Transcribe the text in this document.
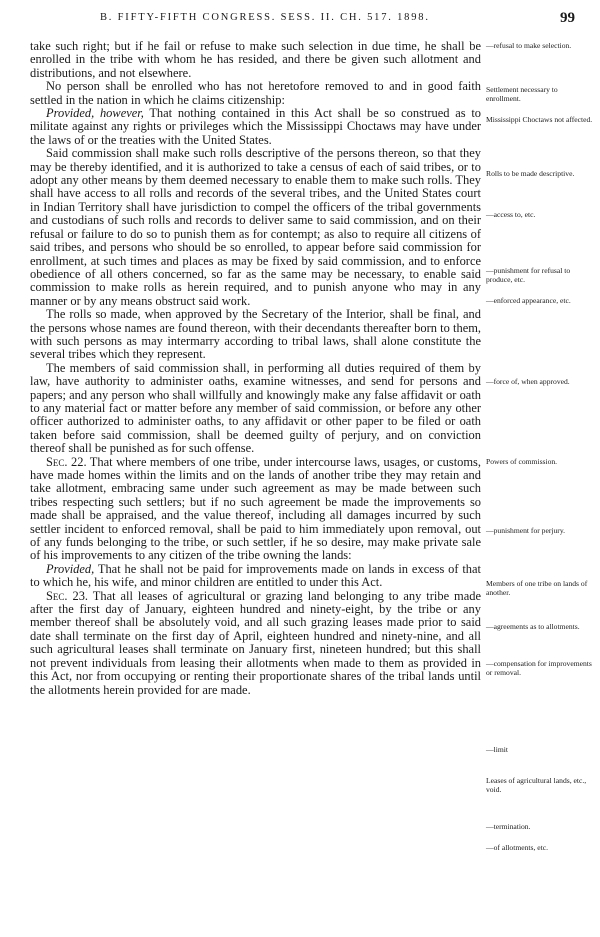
B. FIFTY-FIFTH CONGRESS. SESS. II. CH. 517. 1898.	99

take such right; but if he fail or refuse to make such selection in due time, he shall be enrolled in the tribe with whom he has resided, and there be given such allotment and distributions, and not elsewhere.

No person shall be enrolled who has not heretofore removed to and in good faith settled in the nation in which he claims citizenship:

Provided, however, That nothing contained in this Act shall be so construed as to militate against any rights or privileges which the Mississippi Choctaws may have under the laws of or the treaties with the United States.

Said commission shall make such rolls descriptive of the persons thereon, so that they may be thereby identified, and it is authorized to take a census of each of said tribes, or to adopt any other means by them deemed necessary to enable them to make such rolls. They shall have access to all rolls and records of the several tribes, and the United States court in Indian Territory shall have jurisdiction to compel the officers of the tribal governments and custodians of such rolls and records to deliver same to said commission, and on their refusal or failure to do so to punish them as for contempt; as also to require all citizens of said tribes, and persons who should be so enrolled, to appear before said commission for enrollment, at such times and places as may be fixed by said commission, and to enforce obedience of all others concerned, so far as the same may be necessary, to enable said commission to make rolls as herein required, and to punish anyone who may in any manner or by any means obstruct said work.

The rolls so made, when approved by the Secretary of the Interior, shall be final, and the persons whose names are found thereon, with their decendants thereafter born to them, with such persons as may intermarry according to tribal laws, shall alone constitute the several tribes which they represent.

The members of said commission shall, in performing all duties required of them by law, have authority to administer oaths, examine witnesses, and send for persons and papers; and any person who shall willfully and knowingly make any false affidavit or oath to any material fact or matter before any member of said commission, or before any other officer authorized to administer oaths, to any affidavit or other paper to be filed or oath taken before said commission, shall be deemed guilty of perjury, and on conviction thereof shall be punished as for such offense.

Sec. 22. That where members of one tribe, under intercourse laws, usages, or customs, have made homes within the limits and on the lands of another tribe they may retain and take allotment, embracing same under such agreement as may be made between such tribes respecting such settlers; but if no such agreement be made the improvements so made shall be appraised, and the value thereof, including all damages incurred by such settler incident to enforced removal, shall be paid to him immediately upon removal, out of any funds belonging to the tribe, or such settler, if he so desire, may make private sale of his improvements to any citizen of the tribe owning the lands:

Provided, That he shall not be paid for improvements made on lands in excess of that to which he, his wife, and minor children are entitled to under this Act.

Sec. 23. That all leases of agricultural or grazing land belonging to any tribe made after the first day of January, eighteen hundred and ninety-eight, by the tribe or any member thereof shall be absolutely void, and all such grazing leases made prior to said date shall terminate on the first day of April, eighteen hundred and ninety-nine, and all such agricultural leases shall terminate on January first, nineteen hundred; but this shall not prevent individuals from leasing their allotments when made to them as provided in this Act, nor from occupying or renting their proportionate shares of the tribal lands until the allotments herein provided for are made.

—refusal to make selection.
Settlement necessary to enrollment.
Mississippi Choctaws not affected.
Rolls to be made descriptive.
—access to, etc.
—punishment for refusal to produce, etc.
—enforced appearance, etc.
—force of, when approved.
Powers of commission.
—punishment for perjury.
Members of one tribe on lands of another.
—agreements as to allotments.
—compensation for improvements or removal.
—limit
Leases of agricultural lands, etc., void.
—termination.
—of allotments, etc.
